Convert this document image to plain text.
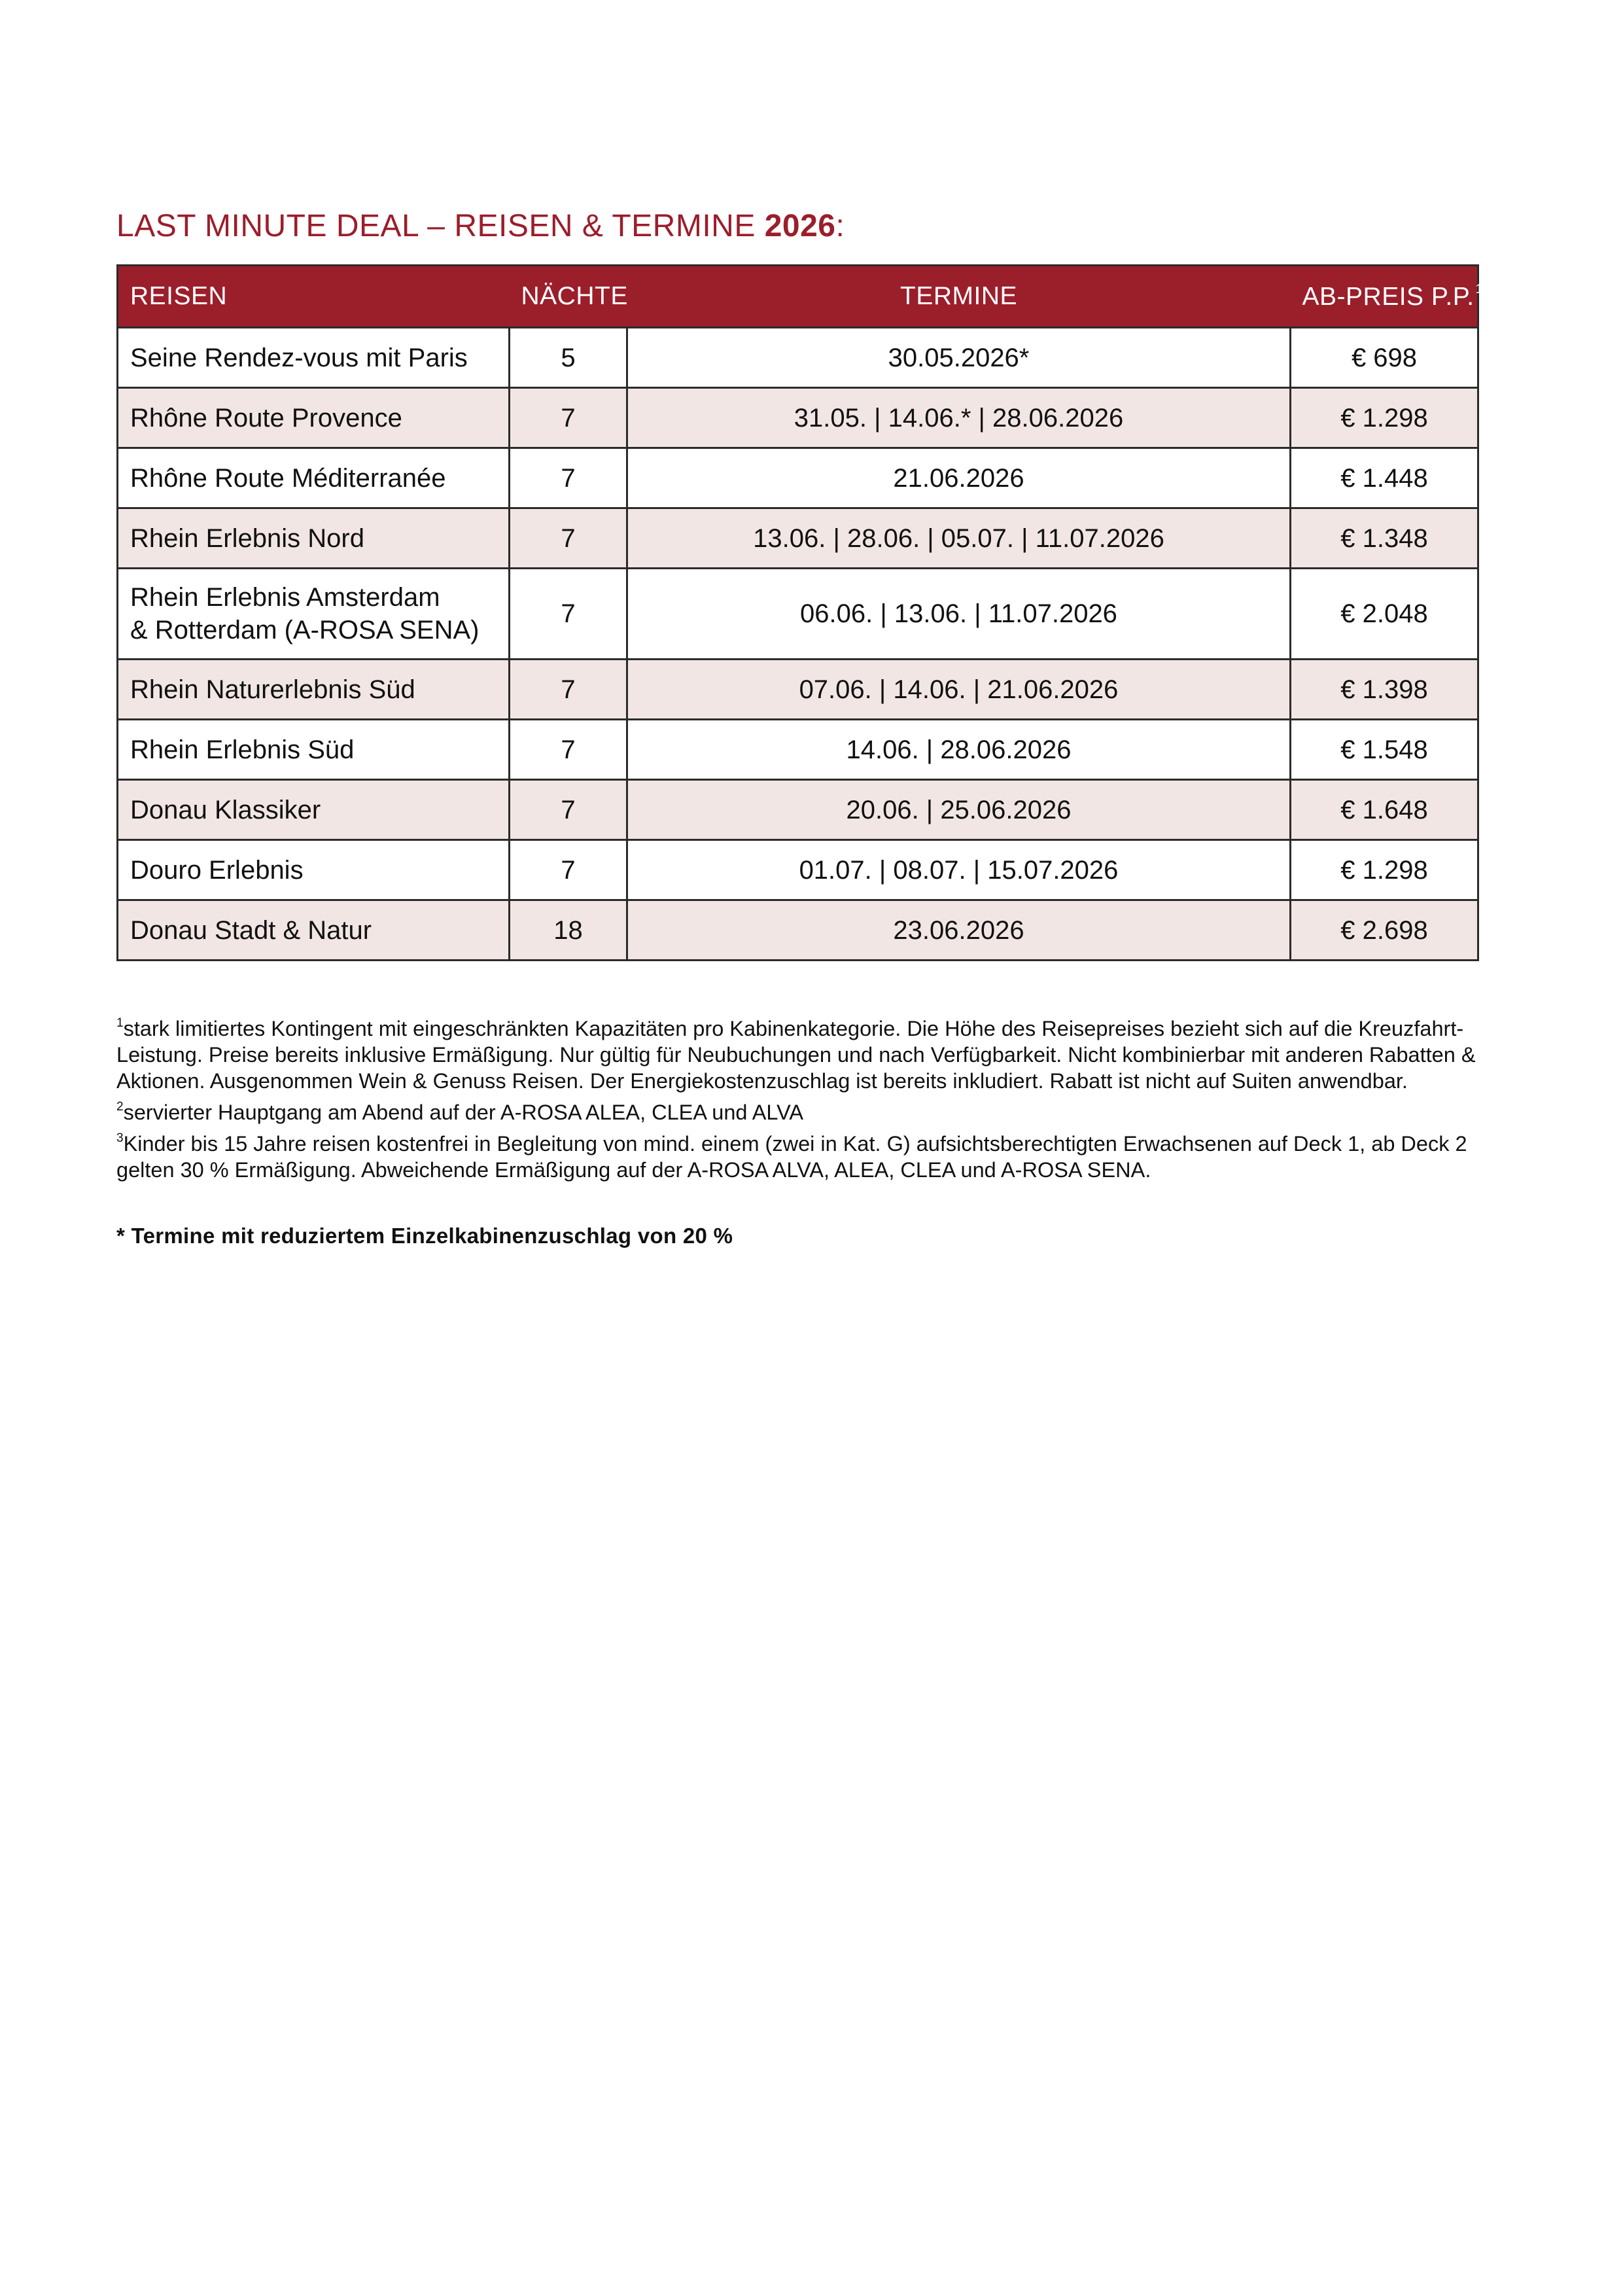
LAST MINUTE DEAL – REISEN & TERMINE 2026:
REISEN	NÄCHTE	TERMINE	AB-PREIS P.P. $^1$
Seine Rendez-vous mit Paris	5	30.05.2026*	€ 698
Rhône Route Provence	7	31.05. | 14.06.* | 28.06.2026	€ 1.298
Rhône Route Méditerranée	7	21.06.2026	€ 1.448
Rhein Erlebnis Nord	7	13.06. | 28.06. | 05.07. | 11.07.2026	€ 1.348
Rhein Erlebnis Amsterdam
& Rotterdam (A-ROSA SENA)	7	06.06. | 13.06. | 11.07.2026	€ 2.048
Rhein Naturerlebnis Süd	7	07.06. | 14.06. | 21.06.2026	€ 1.398
Rhein Erlebnis Süd	7	14.06. | 28.06.2026	€ 1.548
Donau Klassiker	7	20.06. | 25.06.2026	€ 1.648
Douro Erlebnis	7	01.07. | 08.07. | 15.07.2026	€ 1.298
Donau Stadt & Natur	18	23.06.2026	€ 2.698

$^1$stark limitiertes Kontingent mit eingeschränkten Kapazitäten pro Kabinenkategorie. Die Höhe des Reisepreises bezieht sich auf die Kreuzfahrt-Leistung. Preise bereits inklusive Ermäßigung. Nur gültig für Neubuchungen und nach Verfügbarkeit. Nicht kombinierbar mit anderen Rabatten & Aktionen. Ausgenommen Wein & Genuss Reisen. Der Energiekostenzuschlag ist bereits inkludiert. Rabatt ist nicht auf Suiten anwendbar.

$^2$servierter Hauptgang am Abend auf der A-ROSA ALEA, CLEA und ALVA

$^3$Kinder bis 15 Jahre reisen kostenfrei in Begleitung von mind. einem (zwei in Kat. G) aufsichtsberechtigten Erwachsenen auf Deck 1, ab Deck 2 gelten 30 % Ermäßigung. Abweichende Ermäßigung auf der A-ROSA ALVA, ALEA, CLEA und A-ROSA SENA.

* Termine mit reduziertem Einzelkabinenzuschlag von 20 %
